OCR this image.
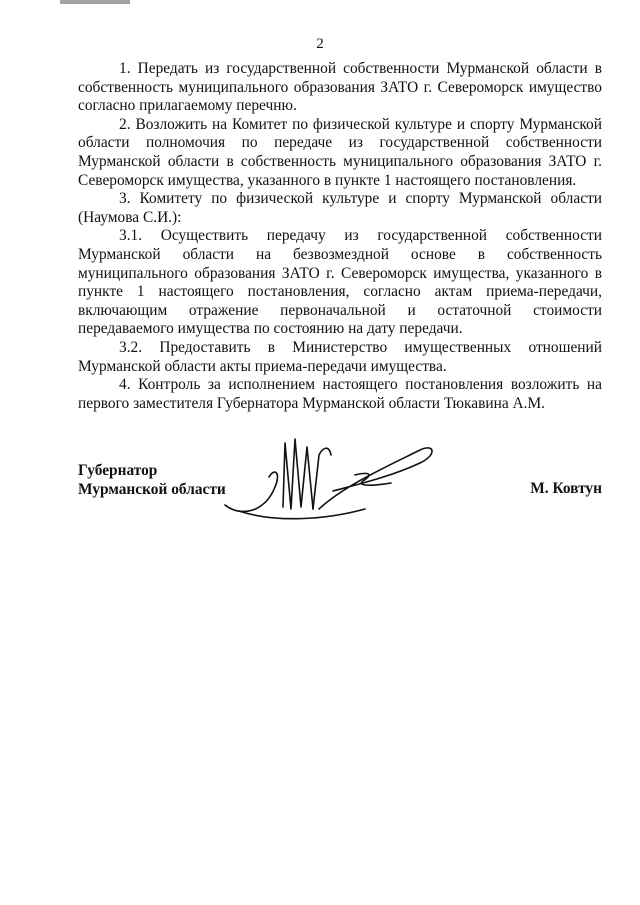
2

1. Передать из государственной собственности Мурманской области в собственность муниципального образования ЗАТО г. Североморск имущество согласно прилагаемому перечню.

2. Возложить на Комитет по физической культуре и спорту Мурманской области полномочия по передаче из государственной собственности Мурманской области в собственность муниципального образования ЗАТО г. Североморск имущества, указанного в пункте 1 настоящего постановления.

3. Комитету по физической культуре и спорту Мурманской области (Наумова С.И.):

3.1. Осуществить передачу из государственной собственности Мурманской области на безвозмездной основе в собственность муниципального образования ЗАТО г. Североморск имущества, указанного в пункте 1 настоящего постановления, согласно актам приема-передачи, включающим отражение первоначальной и остаточной стоимости передаваемого имущества по состоянию на дату передачи.

3.2. Предоставить в Министерство имущественных отношений Мурманской области акты приема-передачи имущества.

4. Контроль за исполнением настоящего постановления возложить на первого заместителя Губернатора Мурманской области Тюкавина А.М.

Губернатор
Мурманской области	М. Ковтун
